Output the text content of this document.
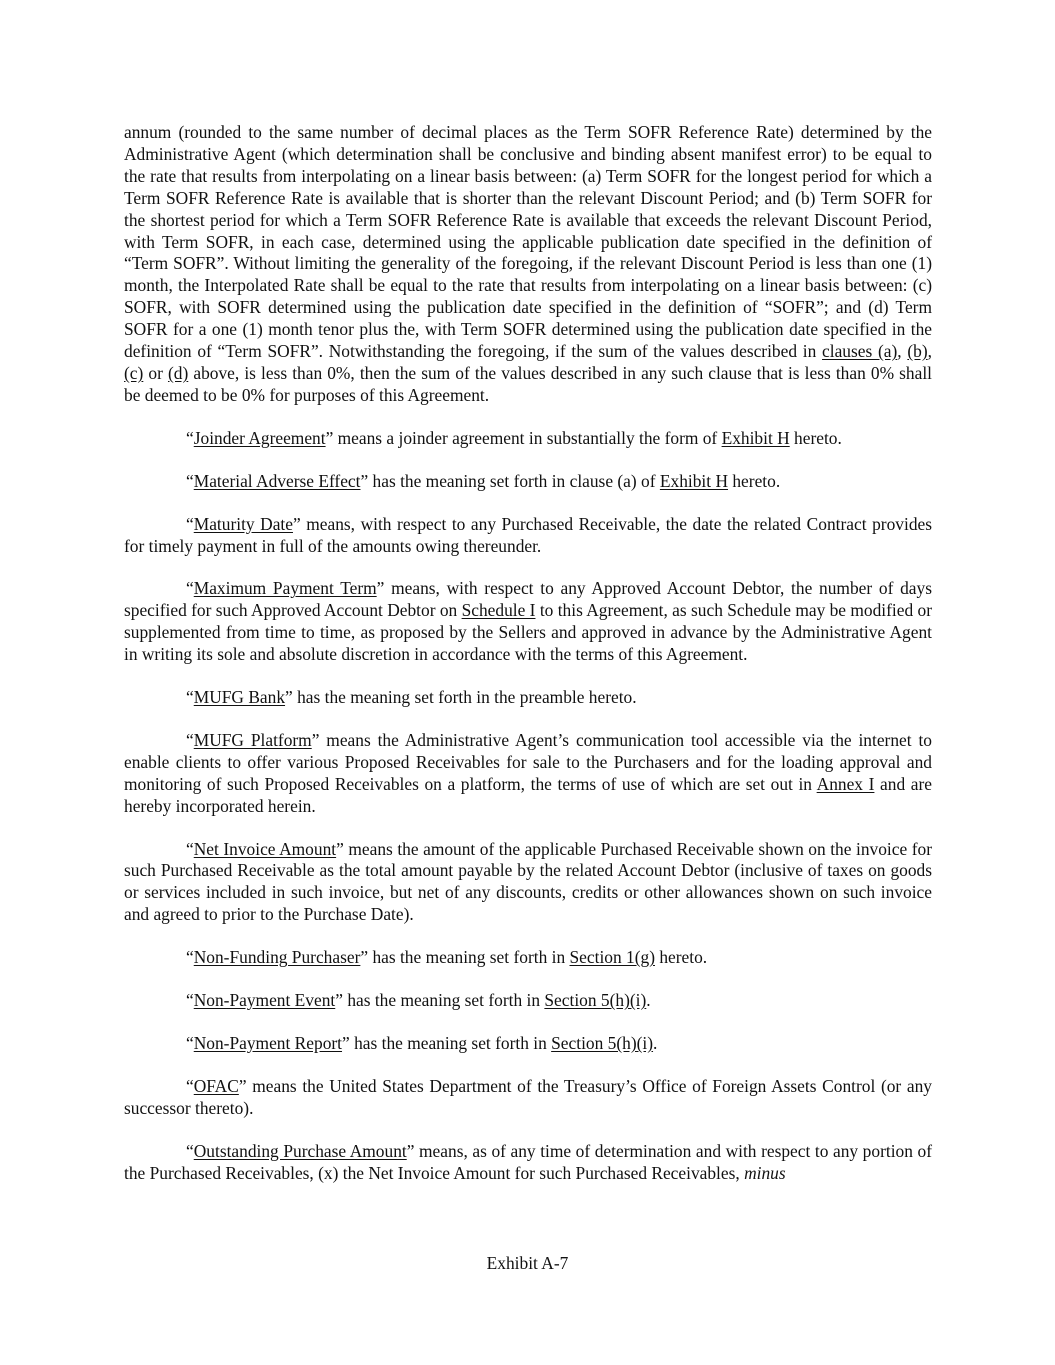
annum (rounded to the same number of decimal places as the Term SOFR Reference Rate) determined by the Administrative Agent (which determination shall be conclusive and binding absent manifest error) to be equal to the rate that results from interpolating on a linear basis between: (a) Term SOFR for the longest period for which a Term SOFR Reference Rate is available that is shorter than the relevant Discount Period; and (b) Term SOFR for the shortest period for which a Term SOFR Reference Rate is available that exceeds the relevant Discount Period, with Term SOFR, in each case, determined using the applicable publication date specified in the definition of “Term SOFR”. Without limiting the generality of the foregoing, if the relevant Discount Period is less than one (1) month, the Interpolated Rate shall be equal to the rate that results from interpolating on a linear basis between: (c) SOFR, with SOFR determined using the publication date specified in the definition of “SOFR”; and (d) Term SOFR for a one (1) month tenor plus the, with Term SOFR determined using the publication date specified in the definition of “Term SOFR”. Notwithstanding the foregoing, if the sum of the values described in clauses (a), (b), (c) or (d) above, is less than 0%, then the sum of the values described in any such clause that is less than 0% shall be deemed to be 0% for purposes of this Agreement.

“Joinder Agreement” means a joinder agreement in substantially the form of Exhibit H hereto.

“Material Adverse Effect” has the meaning set forth in clause (a) of Exhibit H hereto.

“Maturity Date” means, with respect to any Purchased Receivable, the date the related Contract provides for timely payment in full of the amounts owing thereunder.

“Maximum Payment Term” means, with respect to any Approved Account Debtor, the number of days specified for such Approved Account Debtor on Schedule I to this Agreement, as such Schedule may be modified or supplemented from time to time, as proposed by the Sellers and approved in advance by the Administrative Agent in writing its sole and absolute discretion in accordance with the terms of this Agreement.

“MUFG Bank” has the meaning set forth in the preamble hereto.

“MUFG Platform” means the Administrative Agent’s communication tool accessible via the internet to enable clients to offer various Proposed Receivables for sale to the Purchasers and for the loading approval and monitoring of such Proposed Receivables on a platform, the terms of use of which are set out in Annex I and are hereby incorporated herein.

“Net Invoice Amount” means the amount of the applicable Purchased Receivable shown on the invoice for such Purchased Receivable as the total amount payable by the related Account Debtor (inclusive of taxes on goods or services included in such invoice, but net of any discounts, credits or other allowances shown on such invoice and agreed to prior to the Purchase Date).

“Non-Funding Purchaser” has the meaning set forth in Section 1(g) hereto.

“Non-Payment Event” has the meaning set forth in Section 5(h)(i).

“Non-Payment Report” has the meaning set forth in Section 5(h)(i).

“OFAC” means the United States Department of the Treasury’s Office of Foreign Assets Control (or any successor thereto).

“Outstanding Purchase Amount” means, as of any time of determination and with respect to any portion of the Purchased Receivables, (x) the Net Invoice Amount for such Purchased Receivables, minus

Exhibit A-7
